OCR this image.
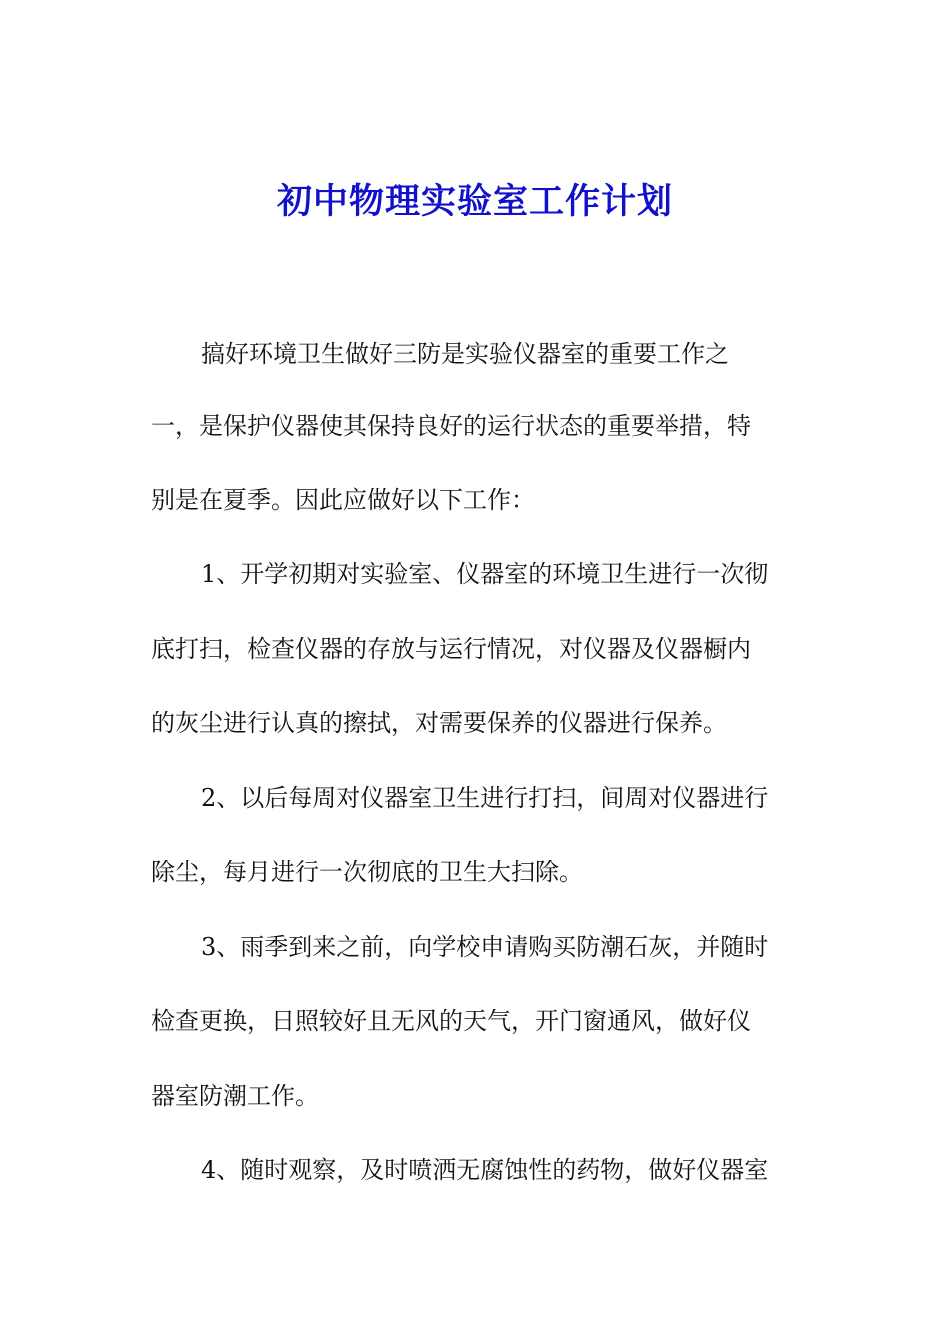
初中物理实验室工作计划
搞好环境卫生做好三防是实验仪器室的重要工作之
一，是保护仪器使其保持良好的运行状态的重要举措，特
别是在夏季。因此应做好以下工作：
1、开学初期对实验室、仪器室的环境卫生进行一次彻
底打扫，检查仪器的存放与运行情况，对仪器及仪器橱内
的灰尘进行认真的擦拭，对需要保养的仪器进行保养。
2、以后每周对仪器室卫生进行打扫，间周对仪器进行
除尘，每月进行一次彻底的卫生大扫除。
3、雨季到来之前，向学校申请购买防潮石灰，并随时
检查更换，日照较好且无风的天气，开门窗通风，做好仪
器室防潮工作。
4、随时观察，及时喷洒无腐蚀性的药物，做好仪器室
